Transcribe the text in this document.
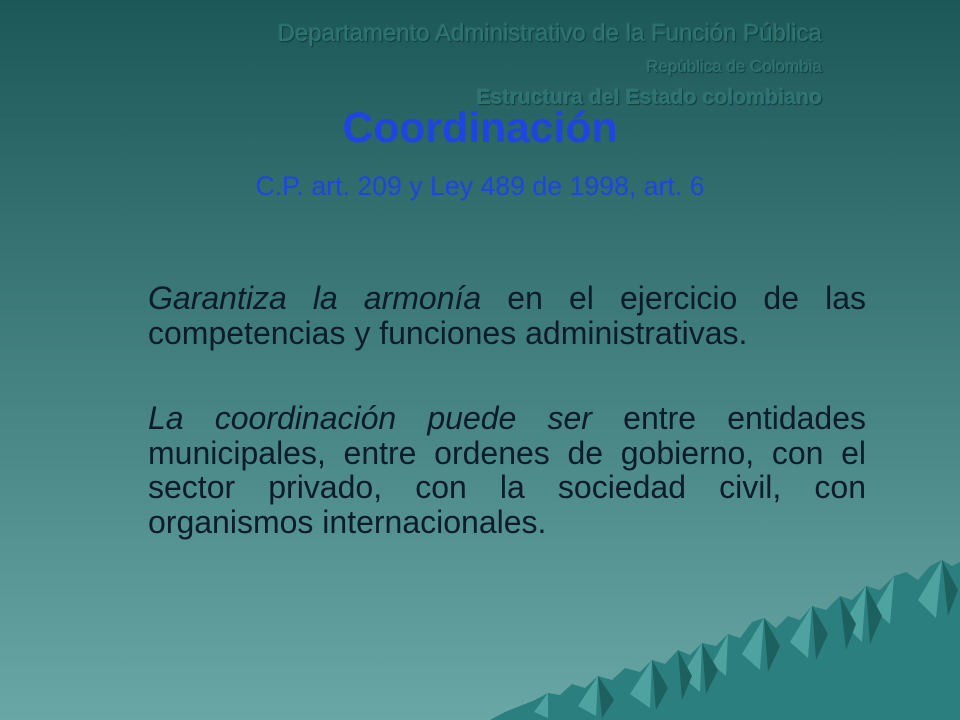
Departamento Administrativo de la Función Pública
República de Colombia
Estructura del Estado colombiano
Coordinación
C.P. art. 209 y Ley 489 de 1998, art. 6

Garantiza la armonía en el ejercicio de las competencias y funciones administrativas.

La coordinación puede ser entre entidades municipales, entre ordenes de gobierno, con el sector privado, con la sociedad civil, con organismos internacionales.
